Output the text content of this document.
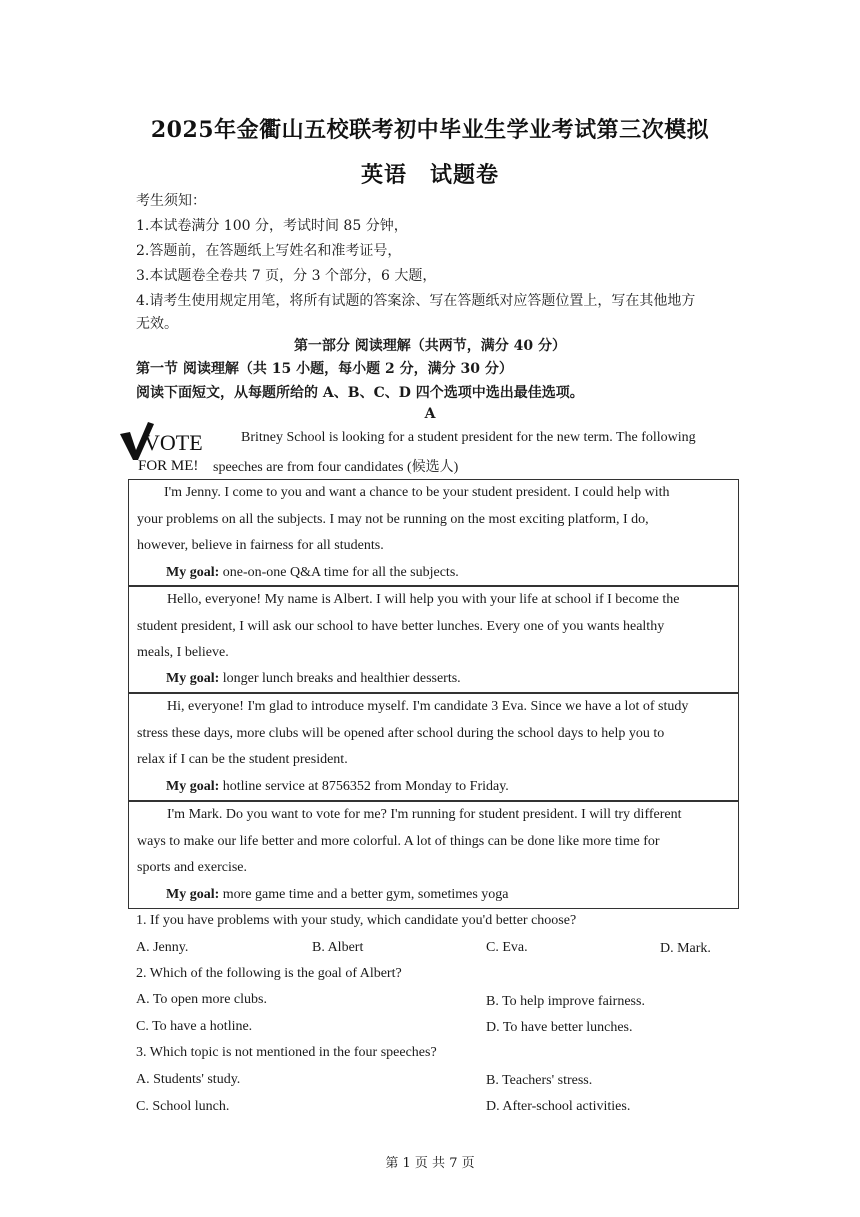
2025年金衢山五校联考初中毕业生学业考试第三次模拟
英语　试题卷
考生须知：
1.本试卷满分 100 分，考试时间 85 分钟，
2.答题前，在答题纸上写姓名和准考证号，
3.本试题卷全卷共 7 页，分 3 个部分，6 大题，
4.请考生使用规定用笔，将所有试题的答案涂、写在答题纸对应答题位置上，写在其他地方
无效。
第一部分 阅读理解（共两节，满分 40 分）
第一节 阅读理解（共 15 小题，每小题 2 分，满分 30 分）
阅读下面短文，从每题所给的 A、B、C、D 四个选项中选出最佳选项。
A
VOTE
FOR ME!
Britney School is looking for a student president for the new term. The following
speeches are from four candidates (候选人)
I'm Jenny. I come to you and want a chance to be your student president. I could help with
your problems on all the subjects. I may not be running on the most exciting platform, I do,
however, believe in fairness for all students.
My goal: one-on-one Q&A time for all the subjects.
Hello, everyone! My name is Albert. I will help you with your life at school if I become the
student president, I will ask our school to have better lunches. Every one of you wants healthy
meals, I believe.
My goal: longer lunch breaks and healthier desserts.
Hi, everyone! I'm glad to introduce myself. I'm candidate 3 Eva. Since we have a lot of study
stress these days, more clubs will be opened after school during the school days to help you to
relax if I can be the student president.
My goal: hotline service at 8756352 from Monday to Friday.
I'm Mark. Do you want to vote for me? I'm running for student president. I will try different
ways to make our life better and more colorful. A lot of things can be done like more time for
sports and exercise.
My goal: more game time and a better gym, sometimes yoga
1. If you have problems with your study, which candidate you'd better choose?
A. Jenny.	B. Albert	C. Eva.	D. Mark.
2. Which of the following is the goal of Albert?
A. To open more clubs.	B. To help improve fairness.
C. To have a hotline.	D. To have better lunches.
3. Which topic is not mentioned in the four speeches?
A. Students' study.	B. Teachers' stress.
C. School lunch.	D. After-school activities.
第 1 页 共 7 页
